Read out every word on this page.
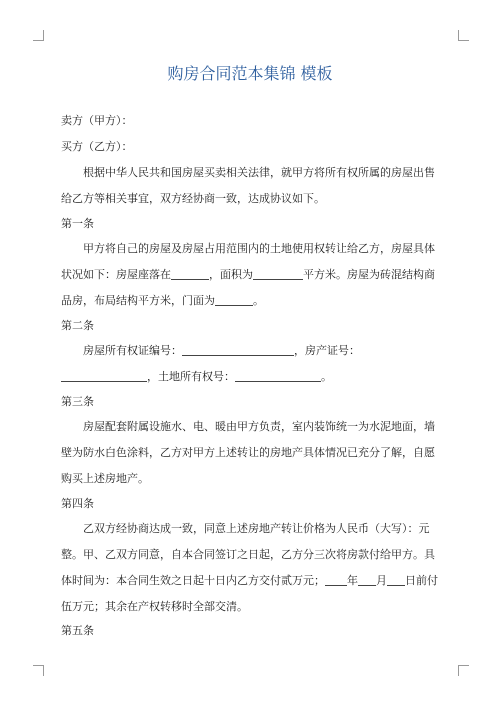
购房合同范本集锦 模板

卖方（甲方）：

买方（乙方）：

根据中华人民共和国房屋买卖相关法律，就甲方将所有权所属的房屋出售给乙方等相关事宜，双方经协商一致，达成协议如下。

第一条

甲方将自己的房屋及房屋占用范围内的土地使用权转让给乙方，房屋具体状况如下：房屋座落在	，面积为	平方米。房屋为砖混结构商品房，布局结构平方米，门面为	。

第二条

房屋所有权证编号：	，房产证号：，土地所有权号：	。

第三条

房屋配套附属设施水、电、暖由甲方负责，室内装饰统一为水泥地面，墙壁为防水白色涂料，乙方对甲方上述转让的房地产具体情况已充分了解，自愿购买上述房地产。

第四条

乙双方经协商达成一致，同意上述房地产转让价格为人民币（大写）：元整。甲、乙双方同意，自本合同签订之日起，乙方分三次将房款付给甲方。具体时间为：本合同生效之日起十日内乙方交付贰万元； 年 月 日前付伍万元；其余在产权转移时全部交清。

第五条
